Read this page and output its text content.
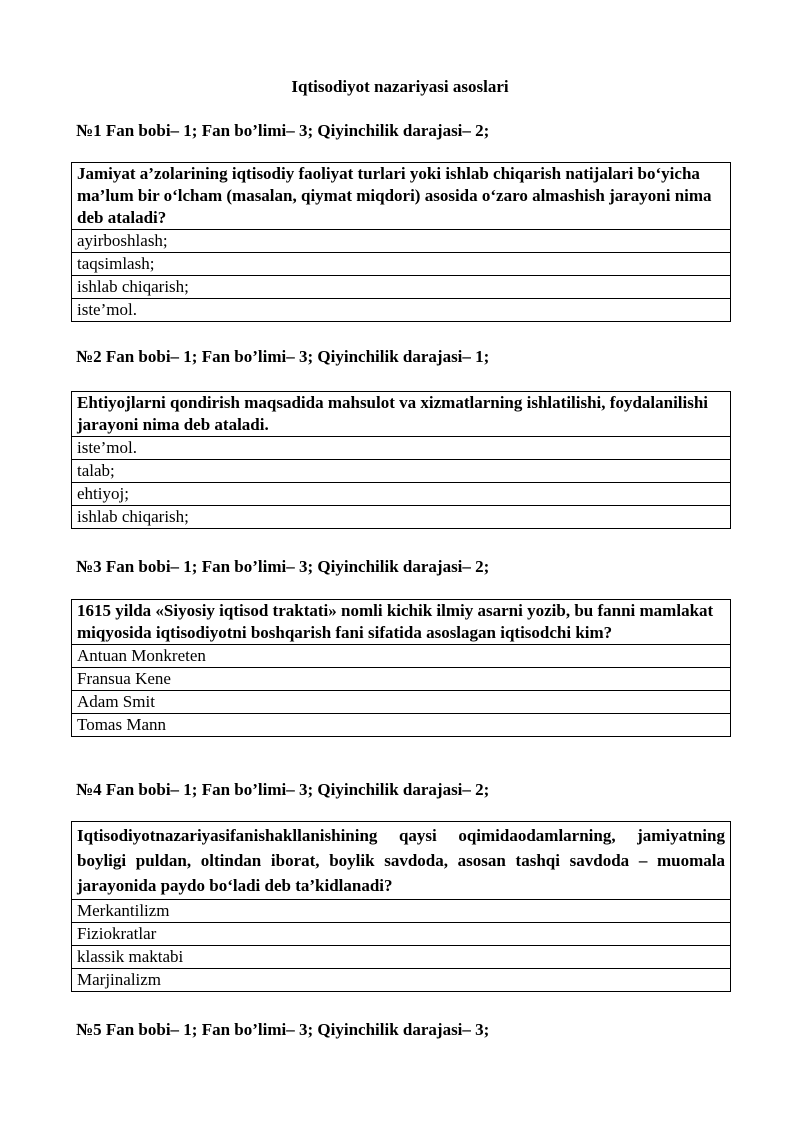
Iqtisodiyot nazariyasi asoslari
№1 Fan bobi– 1; Fan bo’limi– 3; Qiyinchilik darajasi– 2;
Jamiyat a’zolarining iqtisodiy faoliyat turlari yoki ishlab chiqarish natijalari bo‘yicha ma’lum bir o‘lcham (masalan, qiymat miqdori) asosida o‘zaro almashish jarayoni nima deb ataladi?
ayirboshlash;
taqsimlash;
ishlab chiqarish;
iste’mol.
№2 Fan bobi– 1; Fan bo’limi– 3; Qiyinchilik darajasi– 1;
Ehtiyojlarni qondirish maqsadida mahsulot va xizmatlarning ishlatilishi, foydalanilishi jarayoni nima deb ataladi.
iste’mol.
talab;
ehtiyoj;
ishlab chiqarish;
№3 Fan bobi– 1; Fan bo’limi– 3; Qiyinchilik darajasi– 2;
1615 yilda «Siyosiy iqtisod traktati» nomli kichik ilmiy asarni yozib, bu fanni mamlakat miqyosida iqtisodiyotni boshqarish fani sifatida asoslagan iqtisodchi kim?
Antuan Monkreten
Fransua Kene
Adam Smit
Tomas Mann
№4 Fan bobi– 1; Fan bo’limi– 3; Qiyinchilik darajasi– 2;
Iqtisodiyotnazariyasifanishakllanishining qaysi oqimidaodamlarning, jamiyatning boyligi puldan, oltindan iborat, boylik savdoda, asosan tashqi savdoda – muomala jarayonida paydo bo‘ladi deb ta’kidlanadi?
Merkantilizm
Fiziokratlar
klassik maktabi
Marjinalizm
№5 Fan bobi– 1; Fan bo’limi– 3; Qiyinchilik darajasi– 3;
